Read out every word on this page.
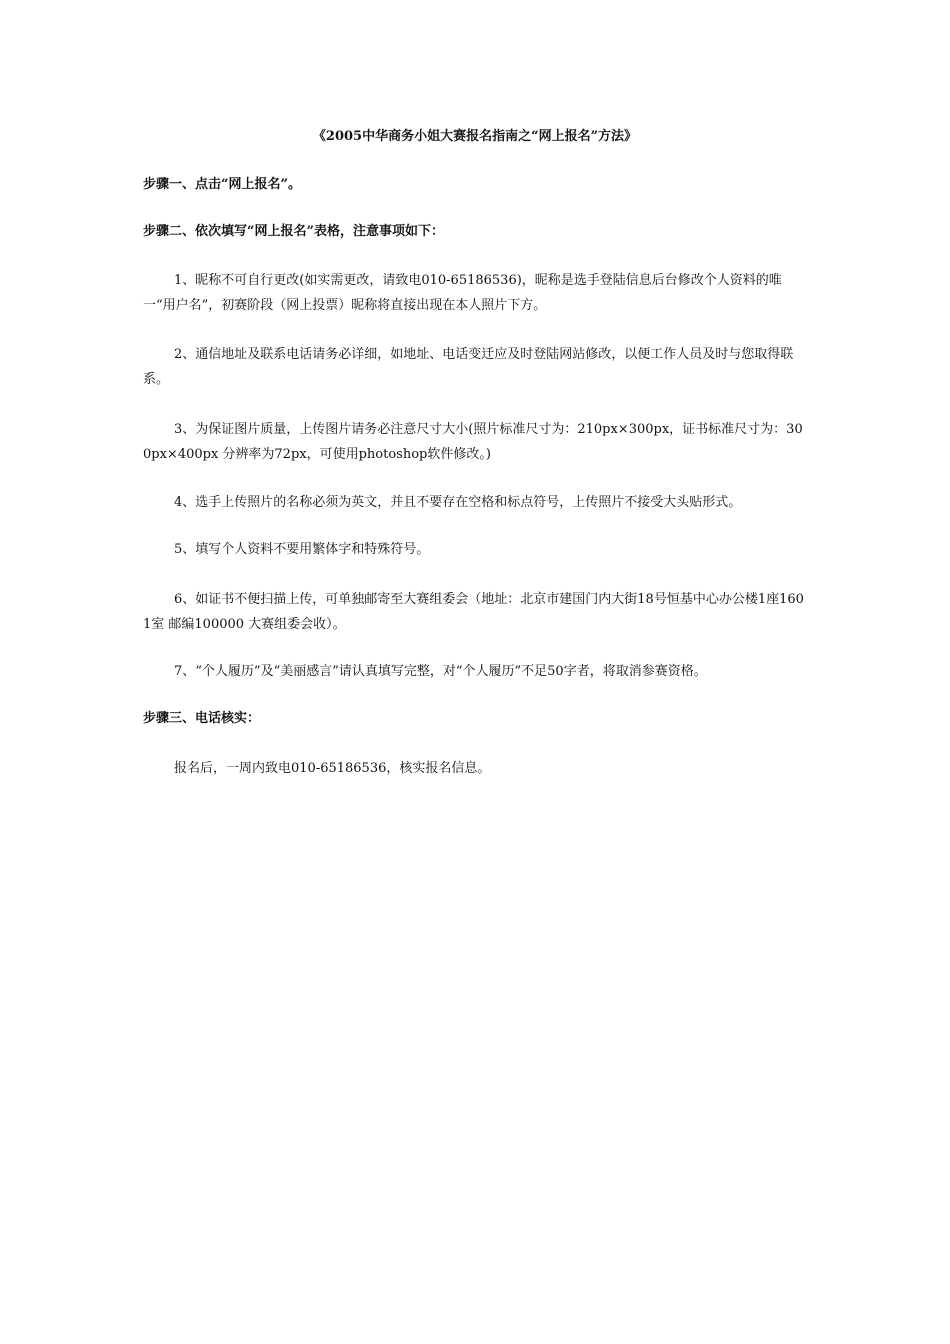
《2005中华商务小姐大赛报名指南之“网上报名”方法》
步骤一、点击“网上报名”。
步骤二、依次填写“网上报名”表格，注意事项如下：

1、昵称不可自行更改(如实需更改，请致电010-65186536)，昵称是选手登陆信息后台修改个人资料的唯一“用户名”，初赛阶段（网上投票）昵称将直接出现在本人照片下方。

2、通信地址及联系电话请务必详细，如地址、电话变迁应及时登陆网站修改，以便工作人员及时与您取得联系。

3、为保证图片质量，上传图片请务必注意尺寸大小(照片标准尺寸为：210px×300px，证书标准尺寸为：300px×400px 分辨率为72px，可使用photoshop软件修改。)

4、选手上传照片的名称必须为英文，并且不要存在空格和标点符号，上传照片不接受大头贴形式。

5、填写个人资料不要用繁体字和特殊符号。

6、如证书不便扫描上传，可单独邮寄至大赛组委会（地址：北京市建国门内大街18号恒基中心办公楼1座1601室 邮编100000 大赛组委会收）。

7、“个人履历”及“美丽感言”请认真填写完整，对“个人履历”不足50字者，将取消参赛资格。

步骤三、电话核实：

报名后，一周内致电010-65186536，核实报名信息。
